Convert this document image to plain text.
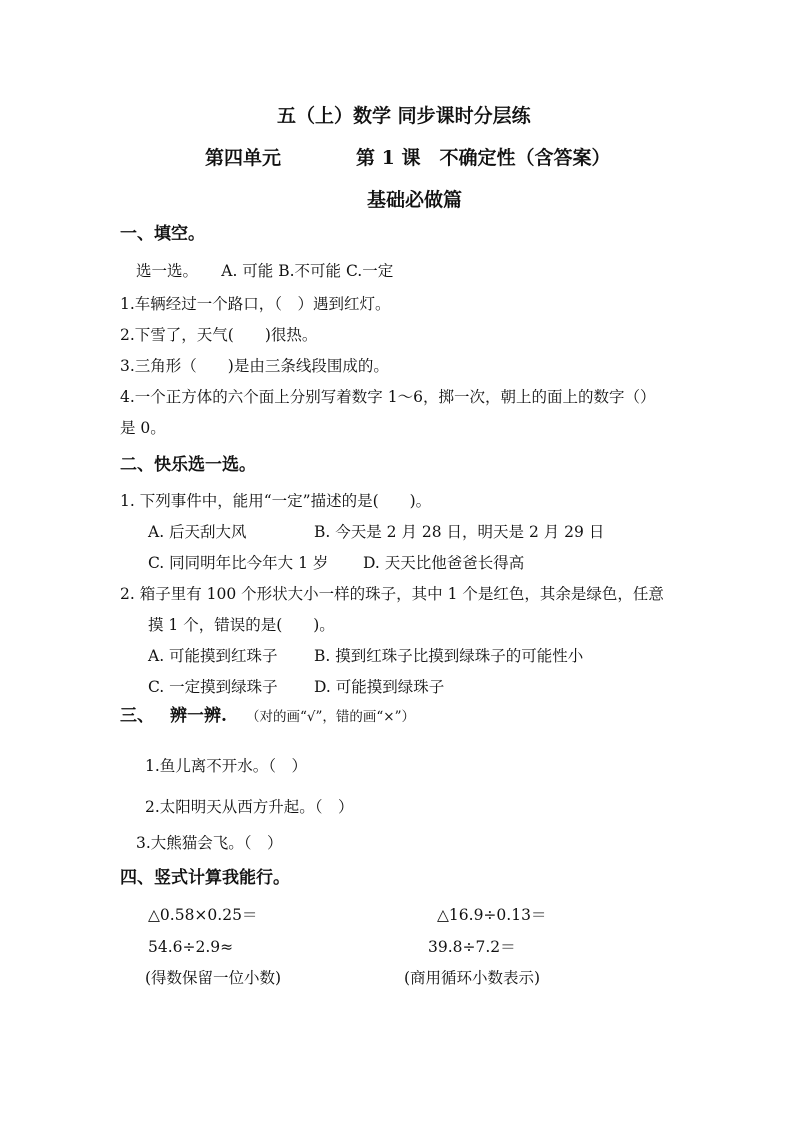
五（上）数学 同步课时分层练
第四单元	第 1 课　不确定性（含答案）
基础必做篇
一、填空。
选一选。　　A. 可能 B.不可能 C.一定
1.车辆经过一个路口，（　）遇到红灯。
2.下雪了，天气(　　)很热。
3.三角形（　　)是由三条线段围成的。
4.一个正方体的六个面上分别写着数字 1～6，掷一次，朝上的面上的数字（）
是 0。
二、快乐选一选。
1. 下列事件中，能用“一定”描述的是(　　)。
A. 后天刮大风	B. 今天是 2 月 28 日，明天是 2 月 29 日
C. 同同明年比今年大 1 岁 D. 天天比他爸爸长得高
2. 箱子里有 100 个形状大小一样的珠子，其中 1 个是红色，其余是绿色，任意
摸 1 个，错误的是(　　)。
A. 可能摸到红珠子 B. 摸到红珠子比摸到绿珠子的可能性小
C. 一定摸到绿珠子 D. 可能摸到绿珠子
三、 辨一辨. （对的画“√”，错的画“×”）
1.鱼儿离不开水。（　）
2.太阳明天从西方升起。（　）
3.大熊猫会飞。（　）
四、竖式计算我能行。
△0.58×0.25＝	△16.9÷0.13＝
54.6÷2.9≈	39.8÷7.2＝
(得数保留一位小数)	(商用循环小数表示)
